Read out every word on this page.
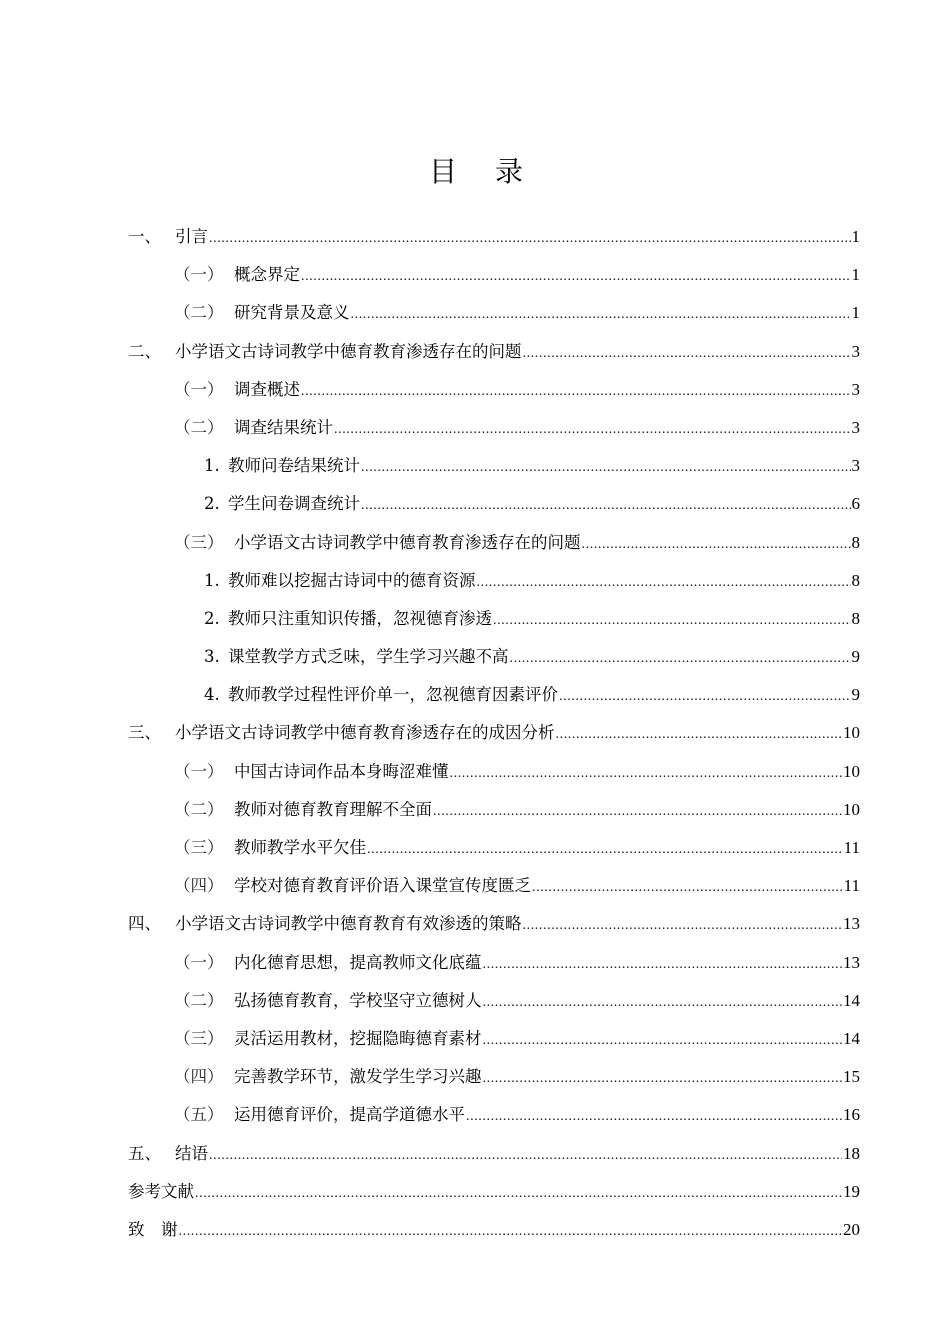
目录
一、 引言 .....	1
（一） 概念界定 .....	1
（二） 研究背景及意义 .....	1
二、 小学语文古诗词教学中德育教育渗透存在的问题 .....	3
（一） 调查概述 .....	3
（二） 调查结果统计 .....	3
1. 教师问卷结果统计 .....	3
2. 学生问卷调查统计 .....	6
（三） 小学语文古诗词教学中德育教育渗透存在的问题 .....	8
1. 教师难以挖掘古诗词中的德育资源 .....	8
2. 教师只注重知识传播，忽视德育渗透 .....	8
3. 课堂教学方式乏味，学生学习兴趣不高 .....	9
4. 教师教学过程性评价单一，忽视德育因素评价 .....	9
三、 小学语文古诗词教学中德育教育渗透存在的成因分析 .....	10
（一） 中国古诗词作品本身晦涩难懂 .....	10
（二） 教师对德育教育理解不全面 .....	10
（三） 教师教学水平欠佳 .....	11
（四） 学校对德育教育评价语入课堂宣传度匮乏 .....	11
四、 小学语文古诗词教学中德育教育有效渗透的策略 .....	13
（一） 内化德育思想，提高教师文化底蕴 .....	13
（二） 弘扬德育教育，学校坚守立德树人 .....	14
（三） 灵活运用教材，挖掘隐晦德育素材 .....	14
（四） 完善教学环节，激发学生学习兴趣 .....	15
（五） 运用德育评价，提高学道德水平 .....	16
五、 结语 .....	18
参考文献 .....	19
致　谢 .....	20
